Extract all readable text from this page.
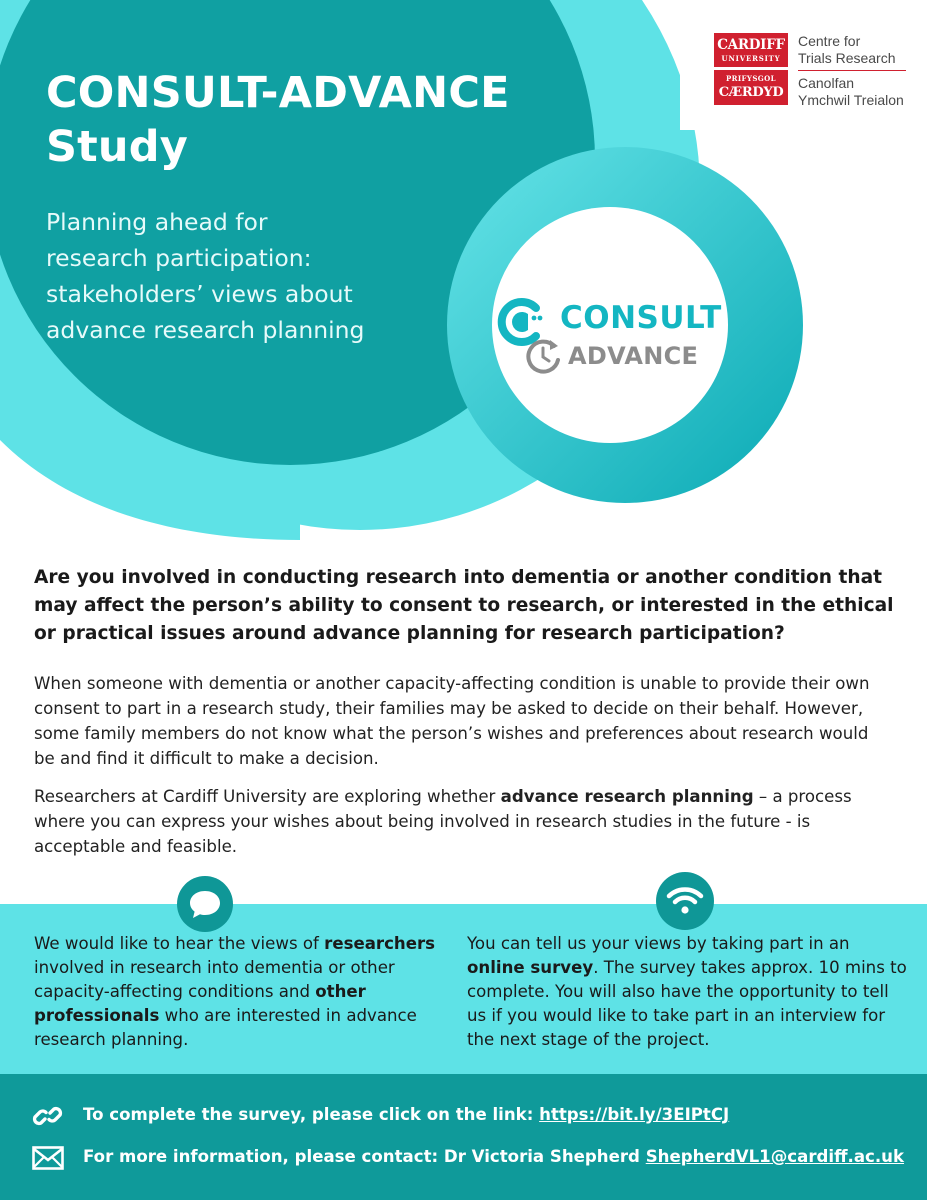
CONSULT-ADVANCE
Study
Planning ahead for
research participation:
stakeholders’ views about
advance research planning
CARDIFF
UNIVERSITY
PRIFYSGOL
CÆRDYD
Centre for
Trials Research
Canolfan
Ymchwil Treialon
CONSULT
ADVANCE
Are you involved in conducting research into dementia or another condition that may affect the person’s ability to consent to research, or interested in the ethical or practical issues around advance planning for research participation?
When someone with dementia or another capacity-affecting condition is unable to provide their own consent to part in a research study, their families may be asked to decide on their behalf. However, some family members do not know what the person’s wishes and preferences about research would be and find it difficult to make a decision.
Researchers at Cardiff University are exploring whether advance research planning – a process where you can express your wishes about being involved in research studies in the future - is acceptable and feasible.
We would like to hear the views of researchers involved in research into dementia or other capacity-affecting conditions and other professionals who are interested in advance research planning.
You can tell us your views by taking part in an online survey. The survey takes approx. 10 mins to complete. You will also have the opportunity to tell us if you would like to take part in an interview for the next stage of the project.
To complete the survey, please click on the link: https://bit.ly/3EIPtCJ
For more information, please contact: Dr Victoria Shepherd ShepherdVL1@cardiff.ac.uk
